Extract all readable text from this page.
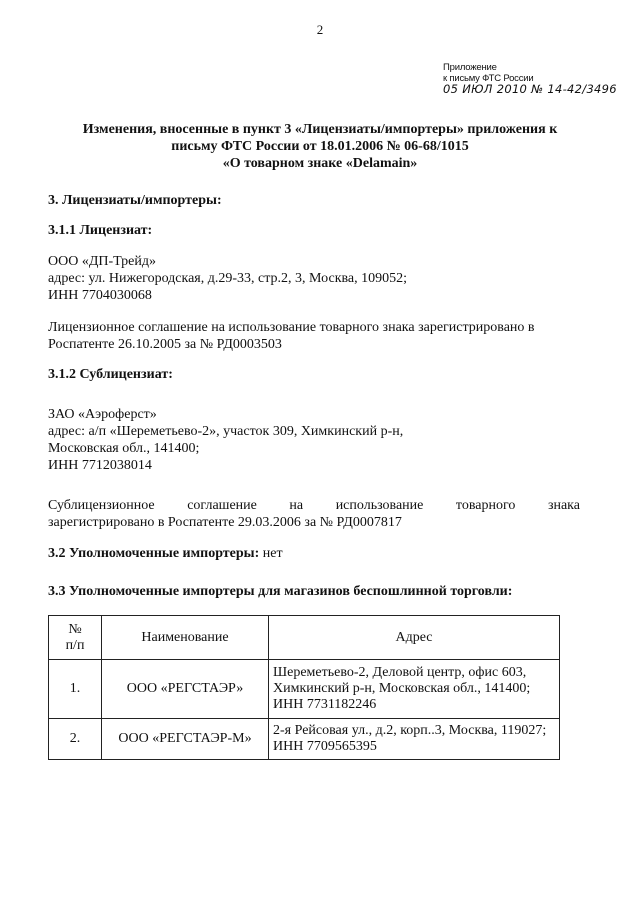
2
Приложение
к письму ФТС России
05 ИЮЛ 2010 № 14-42/3496
Изменения, вносенные в пункт 3 «Лицензиаты/импортеры» приложения к
письму ФТС России от 18.01.2006 № 06-68/1015
«О товарном знаке «Delamain»
3. Лицензиаты/импортеры:
3.1.1 Лицензиат:
ООО «ДП-Трейд»
адрес: ул. Нижегородская, д.29-33, стр.2, 3, Москва, 109052;
ИНН 7704030068
Лицензионное соглашение на использование товарного знака зарегистрировано в
Роспатенте 26.10.2005 за № РД0003503
3.1.2 Сублицензиат:
ЗАО «Аэроферст»
адрес: а/п «Шереметьево-2», участок 309, Химкинский р-н,
Московская обл., 141400;
ИНН 7712038014
Сублицензионное соглашение на использование товарного знака
зарегистрировано в Роспатенте 29.03.2006 за № РД0007817
3.2 Уполномоченные импортеры: нет
3.3 Уполномоченные импортеры для магазинов беспошлинной торговли:
№
п/п	Наименование	Адрес
1.	ООО «РЕГСТАЭР»	Шереметьево-2, Деловой центр, офис 603,
Химкинский р-н, Московская обл., 141400;
ИНН 7731182246

2.	ООО «РЕГСТАЭР-М»	2-я Рейсовая ул., д.2, корп..3, Москва, 119027;
ИНН 7709565395
